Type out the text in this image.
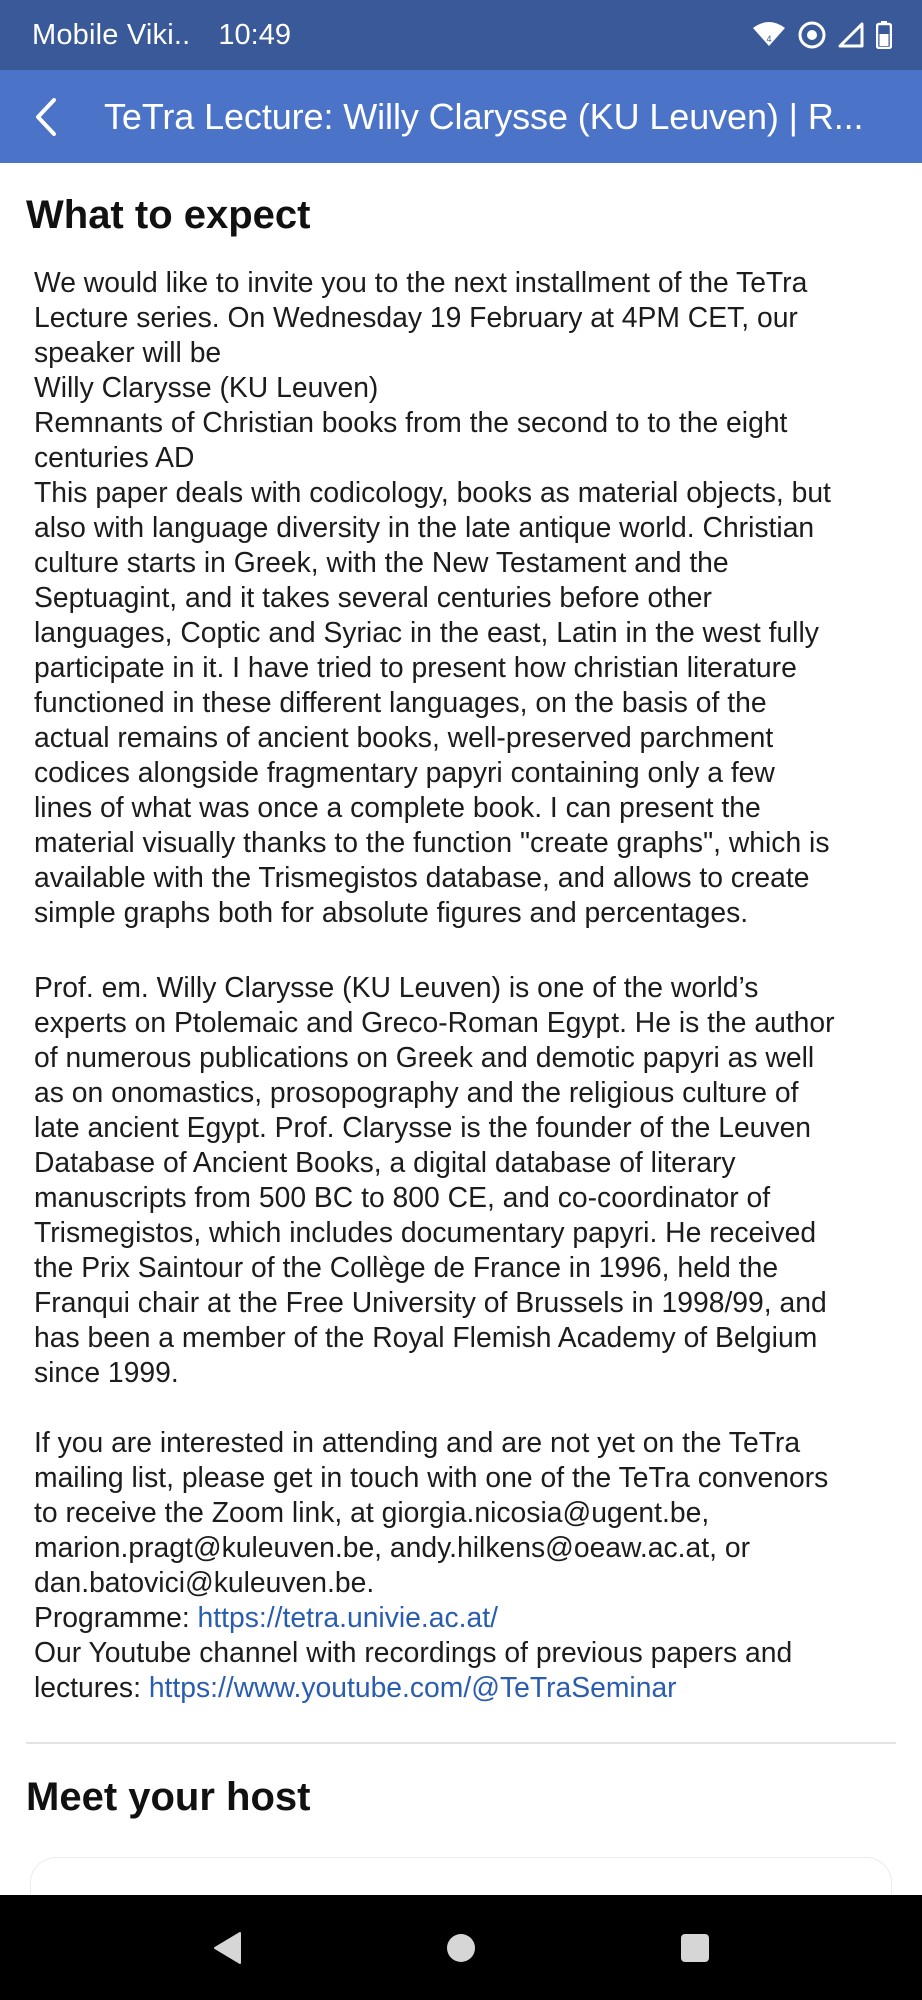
Mobile Viki.. 10:49	4
TeTra Lecture: Willy Clarysse (KU Leuven) | R...
What to expect
We would like to invite you to the next installment of the TeTra
Lecture series. On Wednesday 19 February at 4PM CET, our
speaker will be
Willy Clarysse (KU Leuven)
Remnants of Christian books from the second to to the eight
centuries AD
This paper deals with codicology, books as material objects, but
also with language diversity in the late antique world. Christian
culture starts in Greek, with the New Testament and the
Septuagint, and it takes several centuries before other
languages, Coptic and Syriac in the east, Latin in the west fully
participate in it. I have tried to present how christian literature
functioned in these different languages, on the basis of the
actual remains of ancient books, well-preserved parchment
codices alongside fragmentary papyri containing only a few
lines of what was once a complete book. I can present the
material visually thanks to the function "create graphs", which is
available with the Trismegistos database, and allows to create
simple graphs both for absolute figures and percentages.
Prof. em. Willy Clarysse (KU Leuven) is one of the world’s
experts on Ptolemaic and Greco-Roman Egypt. He is the author
of numerous publications on Greek and demotic papyri as well
as on onomastics, prosopography and the religious culture of
late ancient Egypt. Prof. Clarysse is the founder of the Leuven
Database of Ancient Books, a digital database of literary
manuscripts from 500 BC to 800 CE, and co-coordinator of
Trismegistos, which includes documentary papyri. He received
the Prix Saintour of the Collège de France in 1996, held the
Franqui chair at the Free University of Brussels in 1998/99, and
has been a member of the Royal Flemish Academy of Belgium
since 1999.
If you are interested in attending and are not yet on the TeTra
mailing list, please get in touch with one of the TeTra convenors
to receive the Zoom link, at giorgia.nicosia@ugent.be,
marion.pragt@kuleuven.be, andy.hilkens@oeaw.ac.at, or
dan.batovici@kuleuven.be.
Programme: https://tetra.univie.ac.at/
Our Youtube channel with recordings of previous papers and
lectures: https://www.youtube.com/@TeTraSeminar
Meet your host
